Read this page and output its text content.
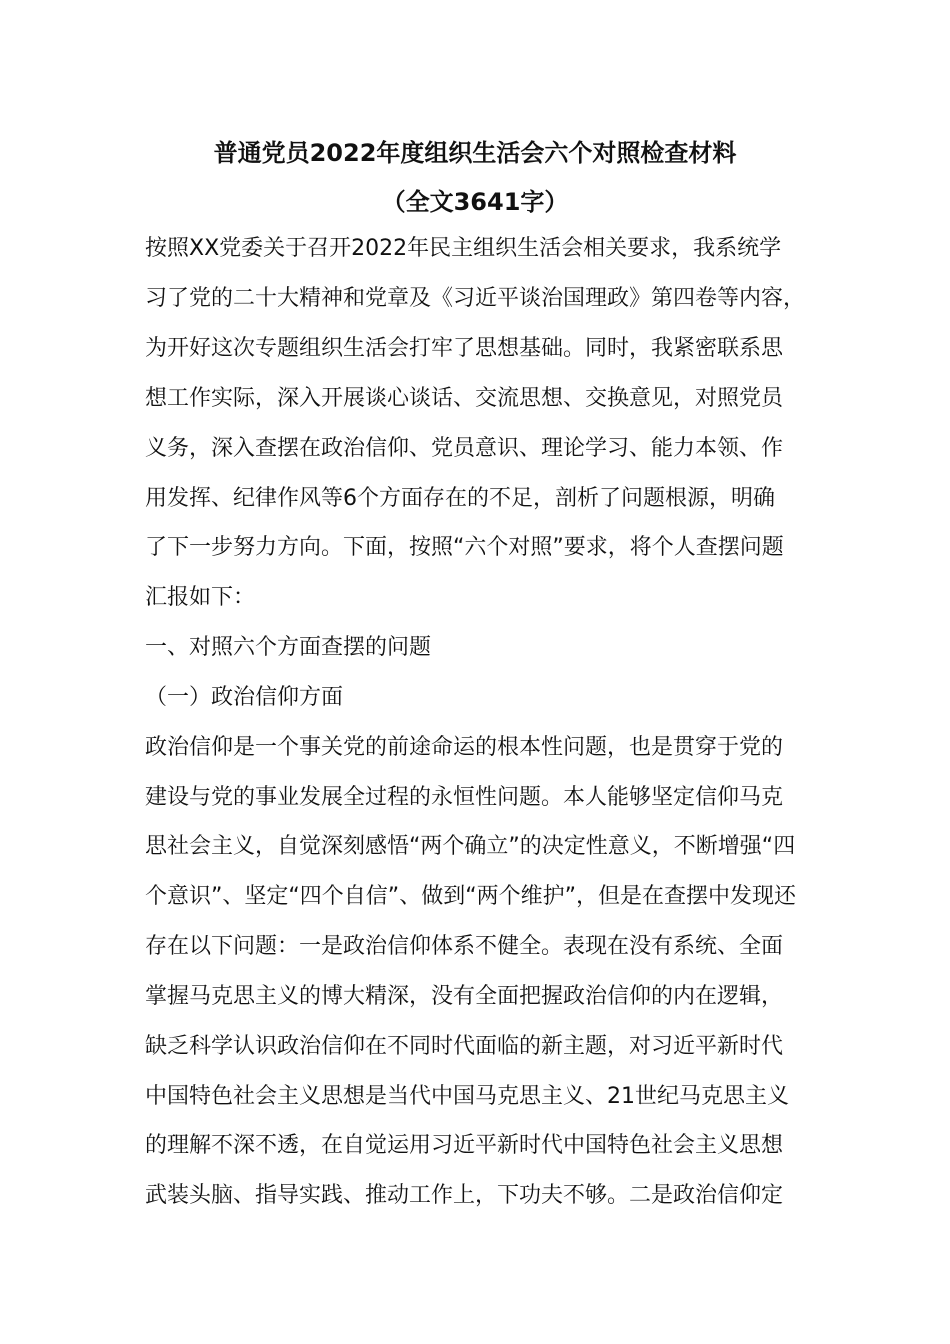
普通党员2022年度组织生活会六个对照检查材料
（全文3641字）
按照XX党委关于召开2022年民主组织生活会相关要求，我系统学
习了党的二十大精神和党章及《习近平谈治国理政》第四卷等内容，
为开好这次专题组织生活会打牢了思想基础。同时，我紧密联系思
想工作实际，深入开展谈心谈话、交流思想、交换意见，对照党员
义务，深入查摆在政治信仰、党员意识、理论学习、能力本领、作
用发挥、纪律作风等6个方面存在的不足，剖析了问题根源，明确
了下一步努力方向。下面，按照“六个对照”要求，将个人查摆问题
汇报如下：
一、对照六个方面查摆的问题
（一）政治信仰方面
政治信仰是一个事关党的前途命运的根本性问题，也是贯穿于党的
建设与党的事业发展全过程的永恒性问题。本人能够坚定信仰马克
思社会主义，自觉深刻感悟“两个确立”的决定性意义，不断增强“四
个意识”、坚定“四个自信”、做到“两个维护”，但是在查摆中发现还
存在以下问题：一是政治信仰体系不健全。表现在没有系统、全面
掌握马克思主义的博大精深，没有全面把握政治信仰的内在逻辑，
缺乏科学认识政治信仰在不同时代面临的新主题，对习近平新时代
中国特色社会主义思想是当代中国马克思主义、21世纪马克思主义
的理解不深不透，在自觉运用习近平新时代中国特色社会主义思想
武装头脑、指导实践、推动工作上，下功夫不够。二是政治信仰定
